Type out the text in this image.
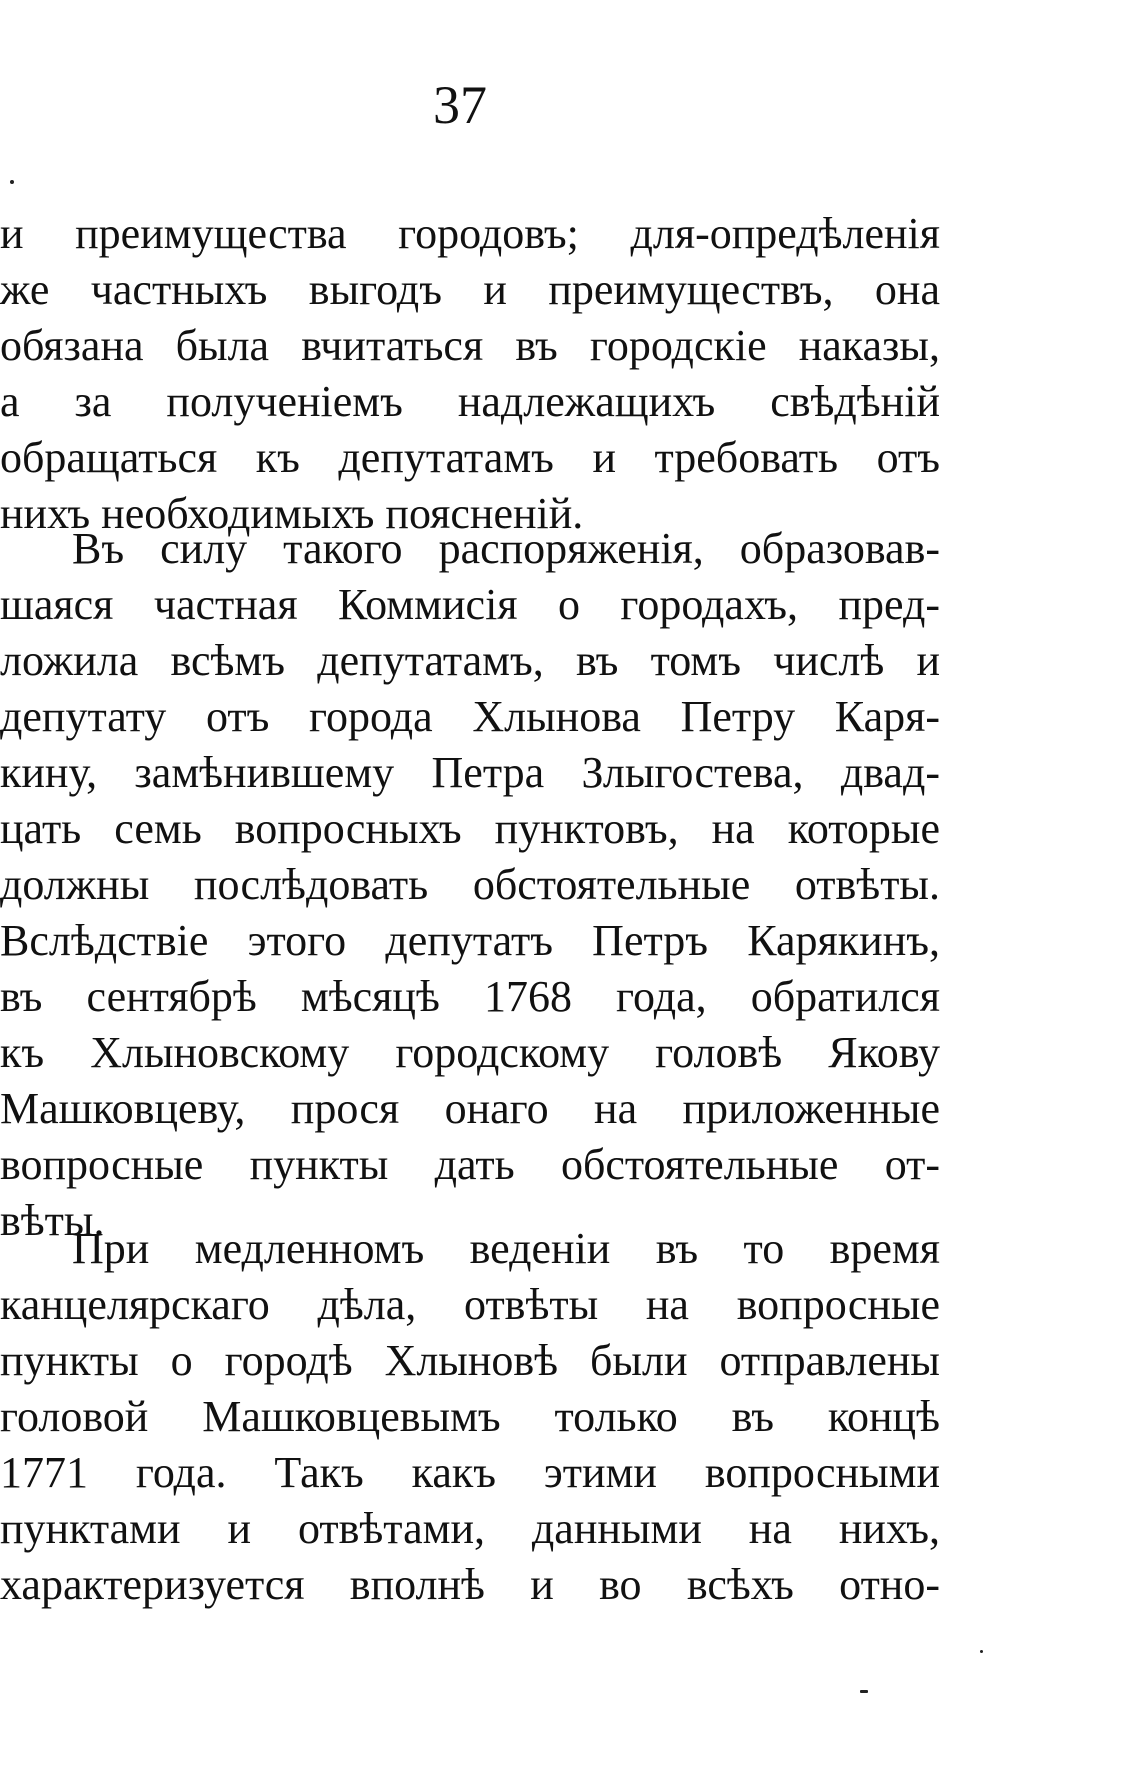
37
и преимущества городовъ; для-опредѣленія
же частныхъ выгодъ и преимуществъ, она
обязана была вчитаться въ городскіе наказы,
а за полученіемъ надлежащихъ свѣдѣній
обращаться къ депутатамъ и требовать отъ
нихъ необходимыхъ поясненій.
Въ силу такого распоряженія, образовав-
шаяся частная Коммисія о городахъ, пред-
ложила всѣмъ депутатамъ, въ томъ числѣ и
депутату отъ города Хлынова Петру Каря-
кину, замѣнившему Петра Злыгостева, двад-
цать семь вопросныхъ пунктовъ, на которые
должны послѣдовать обстоятельные отвѣты.
Вслѣдствіе этого депутатъ Петръ Карякинъ,
въ сентябрѣ мѣсяцѣ 1768 года, обратился
къ Хлыновскому городскому головѣ Якову
Машковцеву, прося онаго на приложенные
вопросные пункты дать обстоятельные от-
вѣты.
При медленномъ веденіи въ то время
канцелярскаго дѣла, отвѣты на вопросные
пункты о городѣ Хлыновѣ были отправлены
головой Машковцевымъ только въ концѣ
1771 года. Такъ какъ этими вопросными
пунктами и отвѣтами, данными на нихъ,
характеризуется вполнѣ и во всѣхъ отно-
